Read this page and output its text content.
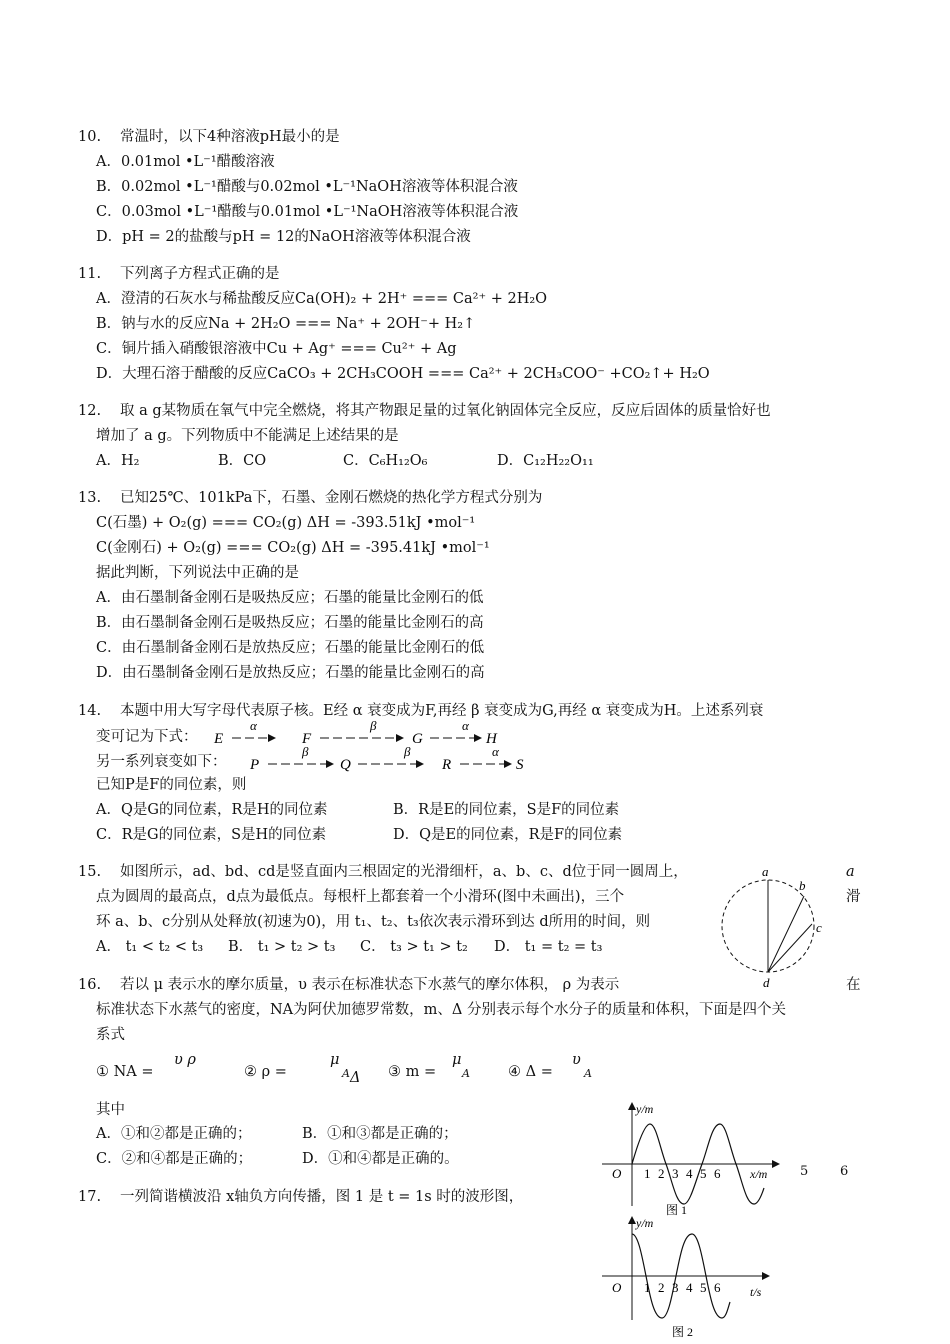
10. 常温时，以下4种溶液pH最小的是
A．0.01mol •L⁻¹醋酸溶液
B．0.02mol •L⁻¹醋酸与0.02mol •L⁻¹NaOH溶液等体积混合液
C．0.03mol •L⁻¹醋酸与0.01mol •L⁻¹NaOH溶液等体积混合液
D．pH = 2的盐酸与pH = 12的NaOH溶液等体积混合液
11. 下列离子方程式正确的是
A．澄清的石灰水与稀盐酸反应Ca(OH)₂ + 2H⁺ === Ca²⁺ + 2H₂O
B．钠与水的反应Na + 2H₂O === Na⁺ + 2OH⁻+ H₂↑
C．铜片插入硝酸银溶液中Cu + Ag⁺ === Cu²⁺ + Ag
D．大理石溶于醋酸的反应CaCO₃ + 2CH₃COOH === Ca²⁺ + 2CH₃COO⁻ +CO₂↑+ H₂O
12. 取 a g某物质在氧气中完全燃烧，将其产物跟足量的过氧化钠固体完全反应，反应后固体的质量恰好也
增加了 a g。下列物质中不能满足上述结果的是
A．H₂	B．CO	C．C₆H₁₂O₆	D．C₁₂H₂₂O₁₁
13. 已知25℃、101kPa下，石墨、金刚石燃烧的热化学方程式分别为
C(石墨) + O₂(g) === CO₂(g) ΔH = -393.51kJ •mol⁻¹
C(金刚石) + O₂(g) === CO₂(g) ΔH = -395.41kJ •mol⁻¹
据此判断，下列说法中正确的是
A．由石墨制备金刚石是吸热反应；石墨的能量比金刚石的低
B．由石墨制备金刚石是吸热反应；石墨的能量比金刚石的高
C．由石墨制备金刚石是放热反应；石墨的能量比金刚石的低
D．由石墨制备金刚石是放热反应；石墨的能量比金刚石的高
14. 本题中用大写字母代表原子核。E经 α 衰变成为F,再经 β 衰变成为G,再经 α 衰变成为H。上述系列衰
变可记为下式： E
α
F
β
G
α
H
另一系列衰变如下： P
β
Q
β
R
α
S
已知P是F的同位素，则
A．Q是G的同位素，R是H的同位素	B．R是E的同位素，S是F的同位素
C．R是G的同位素，S是H的同位素	D．Q是E的同位素，R是F的同位素
15. 如图所示，ad、bd、cd是竖直面内三根固定的光滑细杆，a、b、c、d位于同一圆周上，	a
点为圆周的最高点，d点为最低点。每根杆上都套着一个小滑环(图中未画出)，三个	滑
环 a、b、c分别从处释放(初速为0)，用 t₁、t₂、t₃依次表示滑环到达 d所用的时间，则
A． t₁ < t₂ < t₃ B． t₁ > t₂ > t₃ C． t₃ > t₁ > t₂ D． t₁ = t₂ = t₃
a
b
c
d
16. 若以 μ 表示水的摩尔质量，υ 表示在标准状态下水蒸气的摩尔体积， ρ 为表示	在
标准状态下水蒸气的密度，NA为阿伏加德罗常数，m、Δ 分别表示每个水分子的质量和体积，下面是四个关
系式
① NA =
υ ρ
② ρ =
μ
A Δ ③ m =
μ
A	④ Δ =
υ
A
其中
A．①和②都是正确的；	B．①和③都是正确的；
C．②和④都是正确的；	D．①和④都是正确的。
17. 一列简谐横波沿 x轴负方向传播，图 1 是 t = 1s 时的波形图，
y/m
O 1 2 3 4 5 6 x/m
图 1
5 6
y/m
O 1 2 3 4 5 6 t/s
图 2
